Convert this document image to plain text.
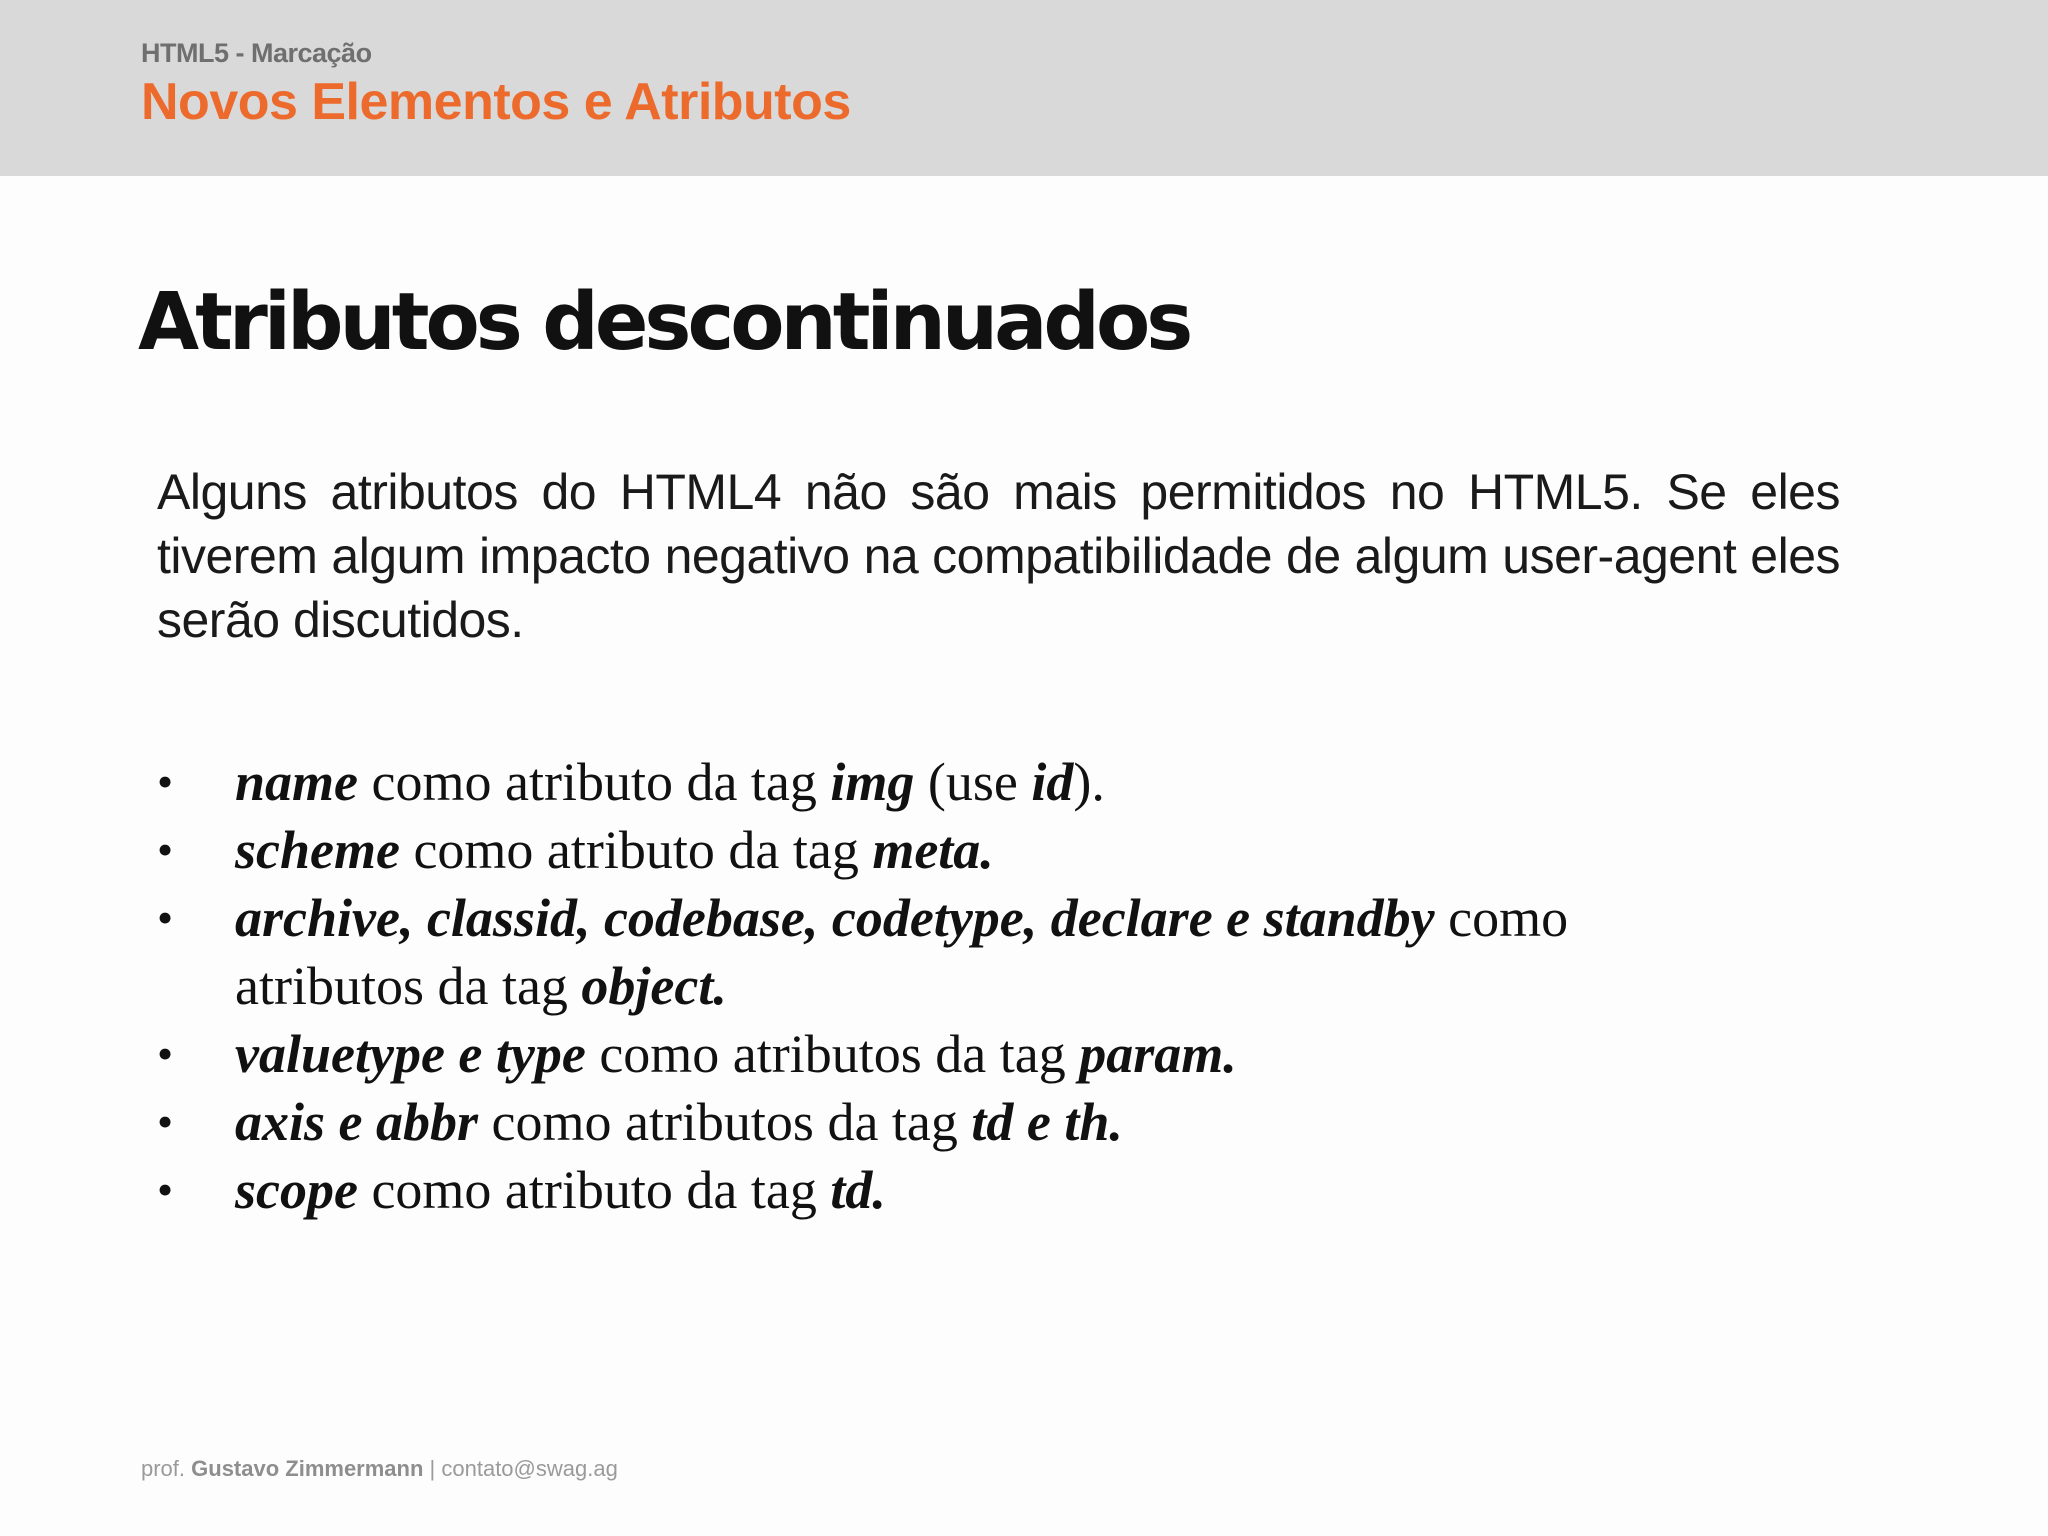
HTML5 - Marcação
Novos Elementos e Atributos
Atributos descontinuados

Alguns atributos do HTML4 não são mais permitidos no HTML5. Se eles tiverem algum impacto negativo na compatibilidade de algum user-agent eles serão discutidos.

• name como atributo da tag img (use id).
• scheme como atributo da tag meta.
• archive, classid, codebase, codetype, declare e standby como atributos da tag object.
• valuetype e type como atributos da tag param.
• axis e abbr como atributos da tag td e th.
• scope como atributo da tag td.
prof. Gustavo Zimmermann | contato@swag.ag
